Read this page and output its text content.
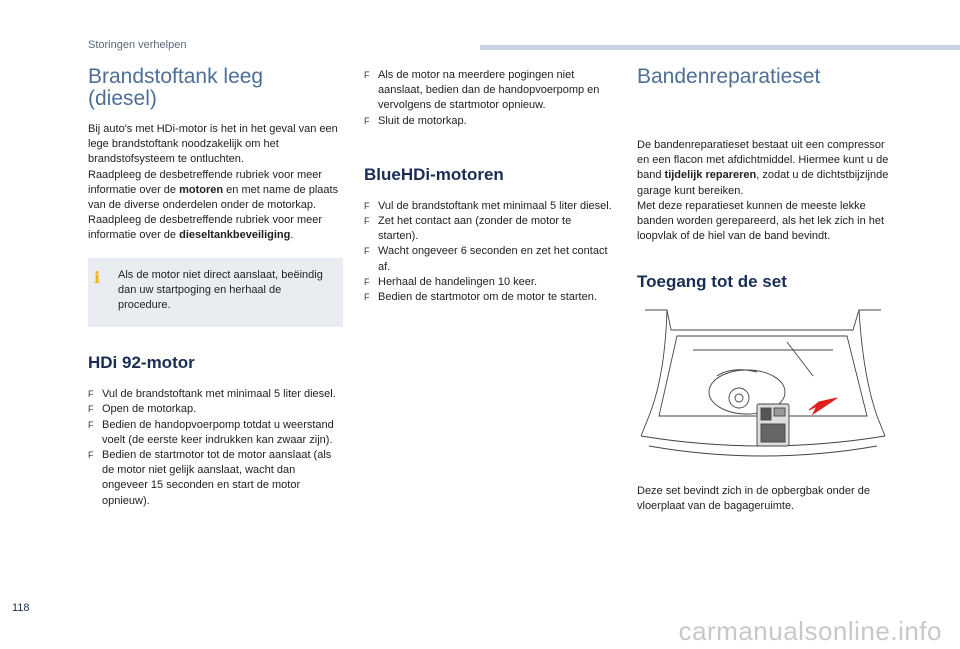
Storingen verhelpen
Brandstoftank leeg
(diesel)

Bij auto's met HDi-motor is het in het geval van een lege brandstoftank noodzakelijk om het brandstofsysteem te ontluchten.

Raadpleeg de desbetreffende rubriek voor meer informatie over de motoren en met name de plaats van de diverse onderdelen onder de motorkap.

Raadpleeg de desbetreffende rubriek voor meer informatie over de dieseltankbeveiliging.

i	Als de motor niet direct aanslaat, beëindig dan uw startpoging en herhaal de procedure.
HDi 92-motor
F Vul de brandstoftank met minimaal 5 liter diesel.
F Open de motorkap.
F Bedien de handopvoerpomp totdat u weerstand voelt (de eerste keer indrukken kan zwaar zijn).
F Bedien de startmotor tot de motor aanslaat (als de motor niet gelijk aanslaat, wacht dan ongeveer 15 seconden en start de motor opnieuw).
F Als de motor na meerdere pogingen niet aanslaat, bedien dan de handopvoerpomp en vervolgens de startmotor opnieuw.
F Sluit de motorkap.
BlueHDi-motoren
F Vul de brandstoftank met minimaal 5 liter diesel.
F Zet het contact aan (zonder de motor te starten).
F Wacht ongeveer 6 seconden en zet het contact af.
F Herhaal de handelingen 10 keer.
F Bedien de startmotor om de motor te starten.
Bandenreparatieset

De bandenreparatieset bestaat uit een compressor en een flacon met afdichtmiddel. Hiermee kunt u de band tijdelijk repareren, zodat u de dichtstbijzijnde garage kunt bereiken.

Met deze reparatieset kunnen de meeste lekke banden worden gerepareerd, als het lek zich in het loopvlak of de hiel van de band bevindt.

Toegang tot de set

Deze set bevindt zich in de opbergbak onder de vloerplaat van de bagageruimte.

118
carmanualsonline.info
